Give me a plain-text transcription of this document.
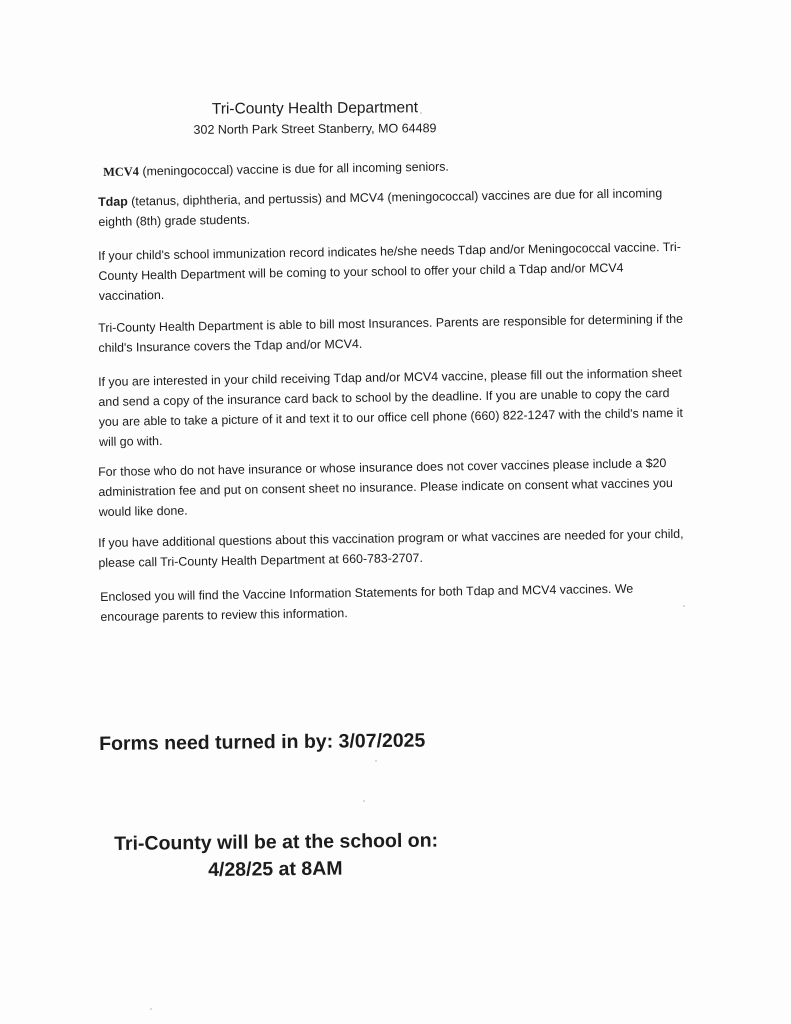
Tri-County Health Department
302 North Park Street Stanberry, MO 64489
MCV4 (meningococcal) vaccine is due for all incoming seniors.
Tdap (tetanus, diphtheria, and pertussis) and MCV4 (meningococcal) vaccines are due for all incoming eighth (8th) grade students.
If your child's school immunization record indicates he/she needs Tdap and/or Meningococcal vaccine. Tri-County Health Department will be coming to your school to offer your child a Tdap and/or MCV4 vaccination.
Tri-County Health Department is able to bill most Insurances. Parents are responsible for determining if the child's Insurance covers the Tdap and/or MCV4.
If you are interested in your child receiving Tdap and/or MCV4 vaccine, please fill out the information sheet and send a copy of the insurance card back to school by the deadline. If you are unable to copy the card you are able to take a picture of it and text it to our office cell phone (660) 822-1247 with the child's name it will go with.
For those who do not have insurance or whose insurance does not cover vaccines please include a $20 administration fee and put on consent sheet no insurance. Please indicate on consent what vaccines you would like done.
If you have additional questions about this vaccination program or what vaccines are needed for your child, please call Tri-County Health Department at 660-783-2707.
Enclosed you will find the Vaccine Information Statements for both Tdap and MCV4 vaccines. We encourage parents to review this information.
Forms need turned in by: 3/07/2025
Tri-County will be at the school on:
4/28/25 at 8AM
